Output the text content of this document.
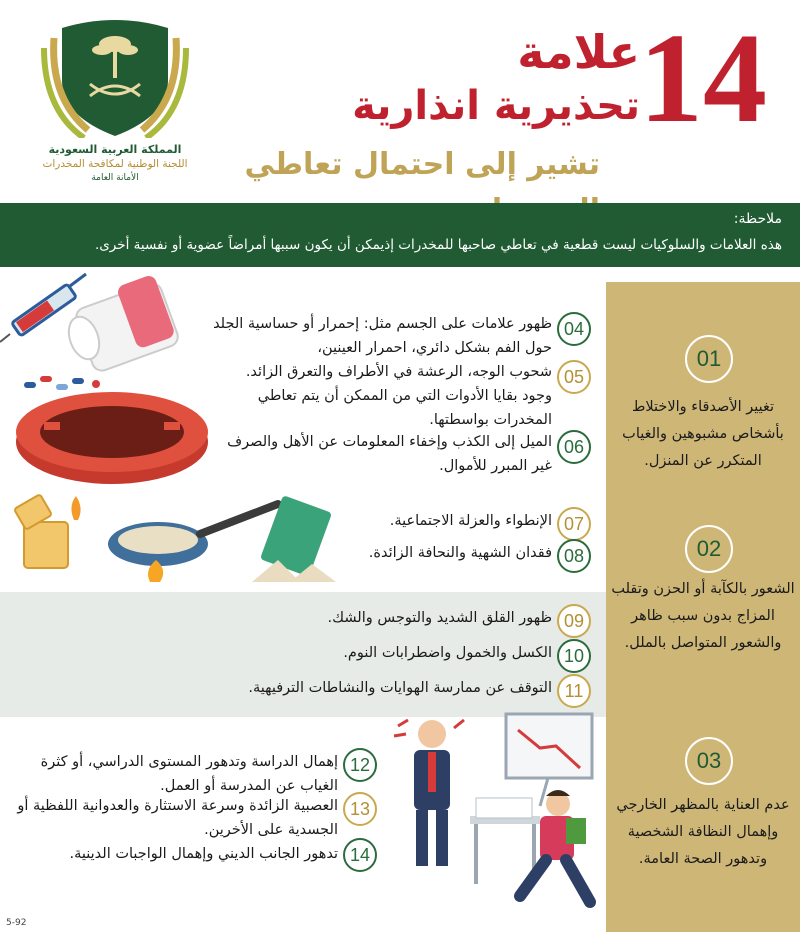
المملكة العربية السعودية
اللجنة الوطنية لمكافحة المخدرات
الأمانة العامة
14
علامة
تحذيرية انذارية
تشير إلى احتمال تعاطي
ملاحظة:
هذه العلامات والسلوكيات ليست قطعية في تعاطي صاحبها للمخدرات إذيمكن أن يكون سببها أمراضاً عضوية أو نفسية أخرى.
01
تغيير الأصدقاء والاختلاط بأشخاص مشبوهين والغياب المتكرر عن المنزل.
02
الشعور بالكآبة أو الحزن وتقلب المزاج بدون سبب ظاهر والشعور المتواصل بالملل.
03
عدم العناية بالمظهر الخارجي وإهمال النظافة الشخصية وتدهور الصحة العامة.
04
ظهور علامات على الجسم مثل: إحمرار أو حساسية الجلد حول الفم بشكل دائري، احمرار العينين،
05
شحوب الوجه، الرعشة في الأطراف والتعرق الزائد. وجود بقايا الأدوات التي من الممكن أن يتم تعاطي المخدرات بواسطتها.
06
الميل إلى الكذب وإخفاء المعلومات عن الأهل والصرف غير المبرر للأموال.
07
الإنطواء والعزلة الاجتماعية.
08
فقدان الشهية والنحافة الزائدة.
09
ظهور القلق الشديد والتوجس والشك.
10
الكسل والخمول واضطرابات النوم.
11
التوقف عن ممارسة الهوايات والنشاطات الترفيهية.
12
إهمال الدراسة وتدهور المستوى الدراسي، أو كثرة الغياب عن المدرسة أو العمل.
13
العصبية الزائدة وسرعة الاستثارة والعدوانية اللفظية أو الجسدية على الأخرين.
14
تدهور الجانب الديني وإهمال الواجبات الدينية.
5-92
